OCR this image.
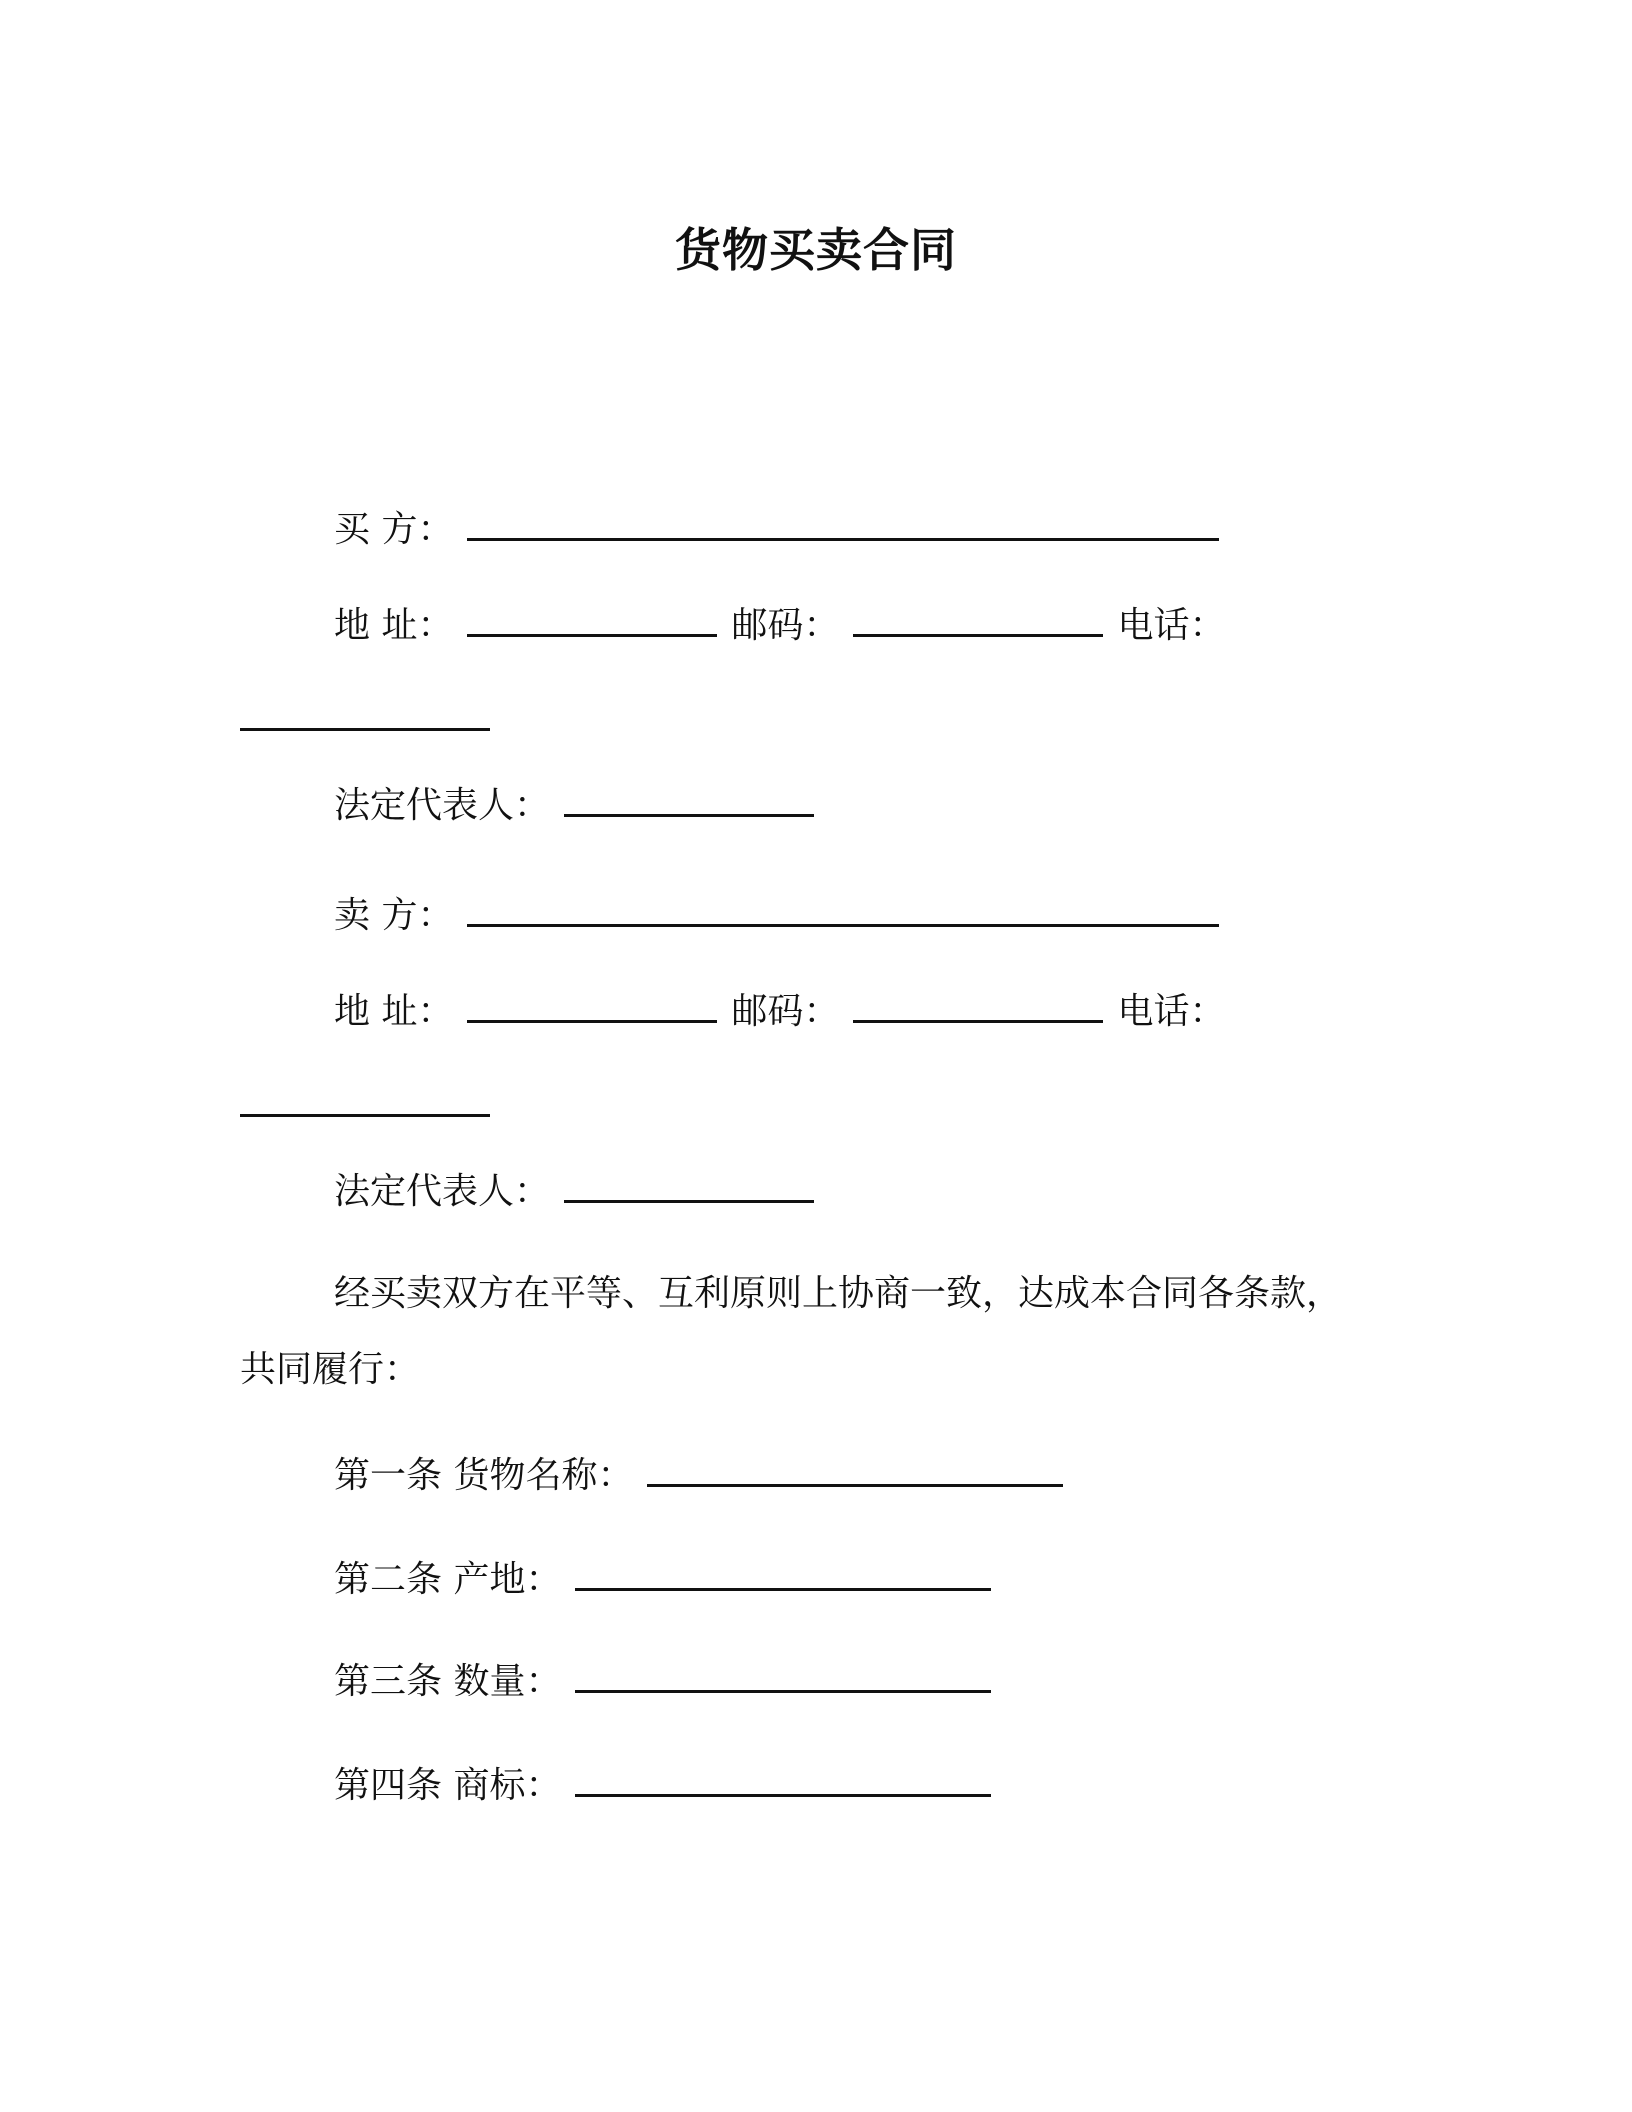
货物买卖合同
买 方：
地 址：	邮码：	电话：
法定代表人：
卖 方：
地 址：	邮码：	电话：
法定代表人：
经买卖双方在平等、互利原则上协商一致，达成本合同各条款，
共同履行：
第一条 货物名称：
第二条 产地：
第三条 数量：
第四条 商标：
